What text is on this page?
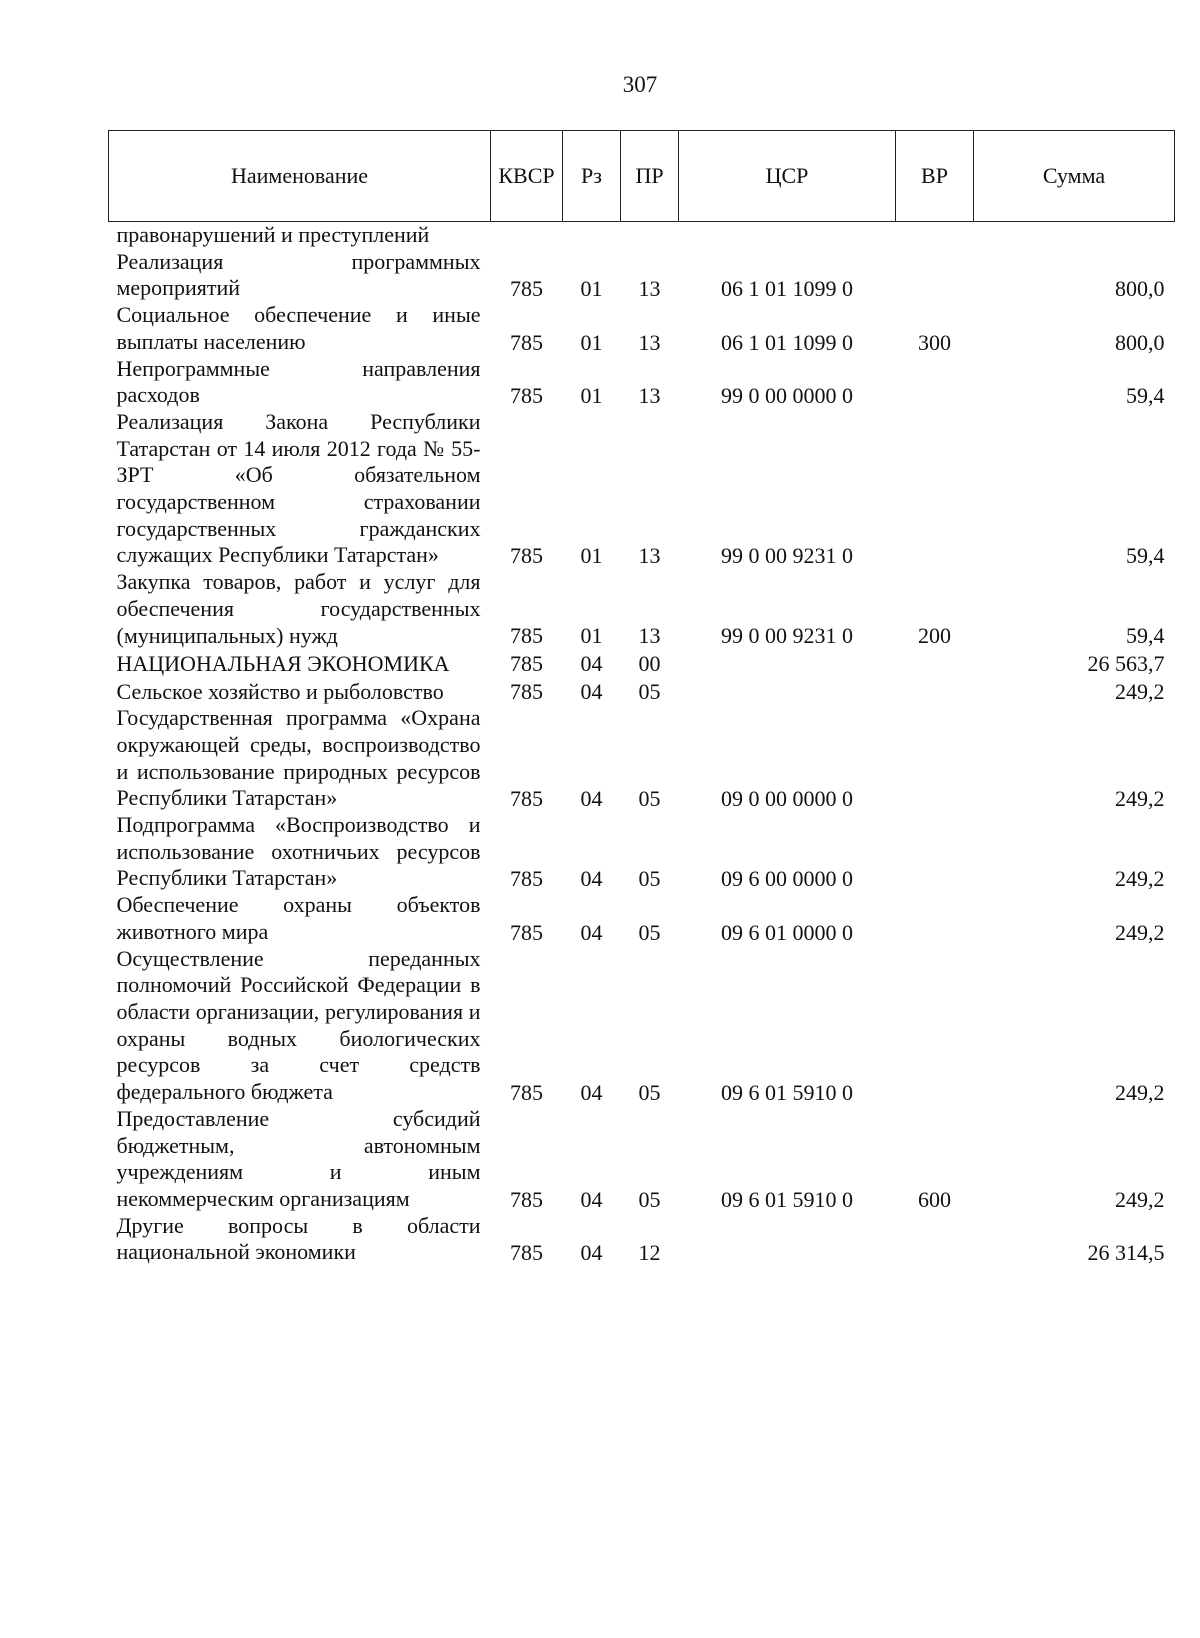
307
Наименование	КВСР	Рз	ПР	ЦСР	ВР	Сумма
правонарушений и преступлений						
Реализация программных мероприятий	785	01	13	06 1 01 1099 0		800,0
Социальное обеспечение и иные выплаты населению	785	01	13	06 1 01 1099 0	300	800,0
Непрограммные направления расходов	785	01	13	99 0 00 0000 0		59,4
Реализация Закона Республики Татарстан от 14 июля 2012 года № 55-ЗРТ «Об обязательном государственном страховании государственных гражданских служащих Республики Татарстан»	785	01	13	99 0 00 9231 0		59,4
Закупка товаров, работ и услуг для обеспечения государственных (муниципальных) нужд	785	01	13	99 0 00 9231 0	200	59,4
НАЦИОНАЛЬНАЯ ЭКОНОМИКА	785	04	00			26 563,7
Сельское хозяйство и рыболовство	785	04	05			249,2
Государственная программа «Охрана окружающей среды, воспроизводство и использование природных ресурсов Республики Татарстан»	785	04	05	09 0 00 0000 0		249,2
Подпрограмма «Воспроизводство и использование охотничьих ресурсов Республики Татарстан»	785	04	05	09 6 00 0000 0		249,2
Обеспечение охраны объектов животного мира	785	04	05	09 6 01 0000 0		249,2
Осуществление переданных полномочий Российской Федерации в области организации, регулирования и охраны водных биологических ресурсов за счет средств федерального бюджета	785	04	05	09 6 01 5910 0		249,2
Предоставление субсидий бюджетным, автономным учреждениям и иным некоммерческим организациям	785	04	05	09 6 01 5910 0	600	249,2
Другие вопросы в области национальной экономики	785	04	12			26 314,5
